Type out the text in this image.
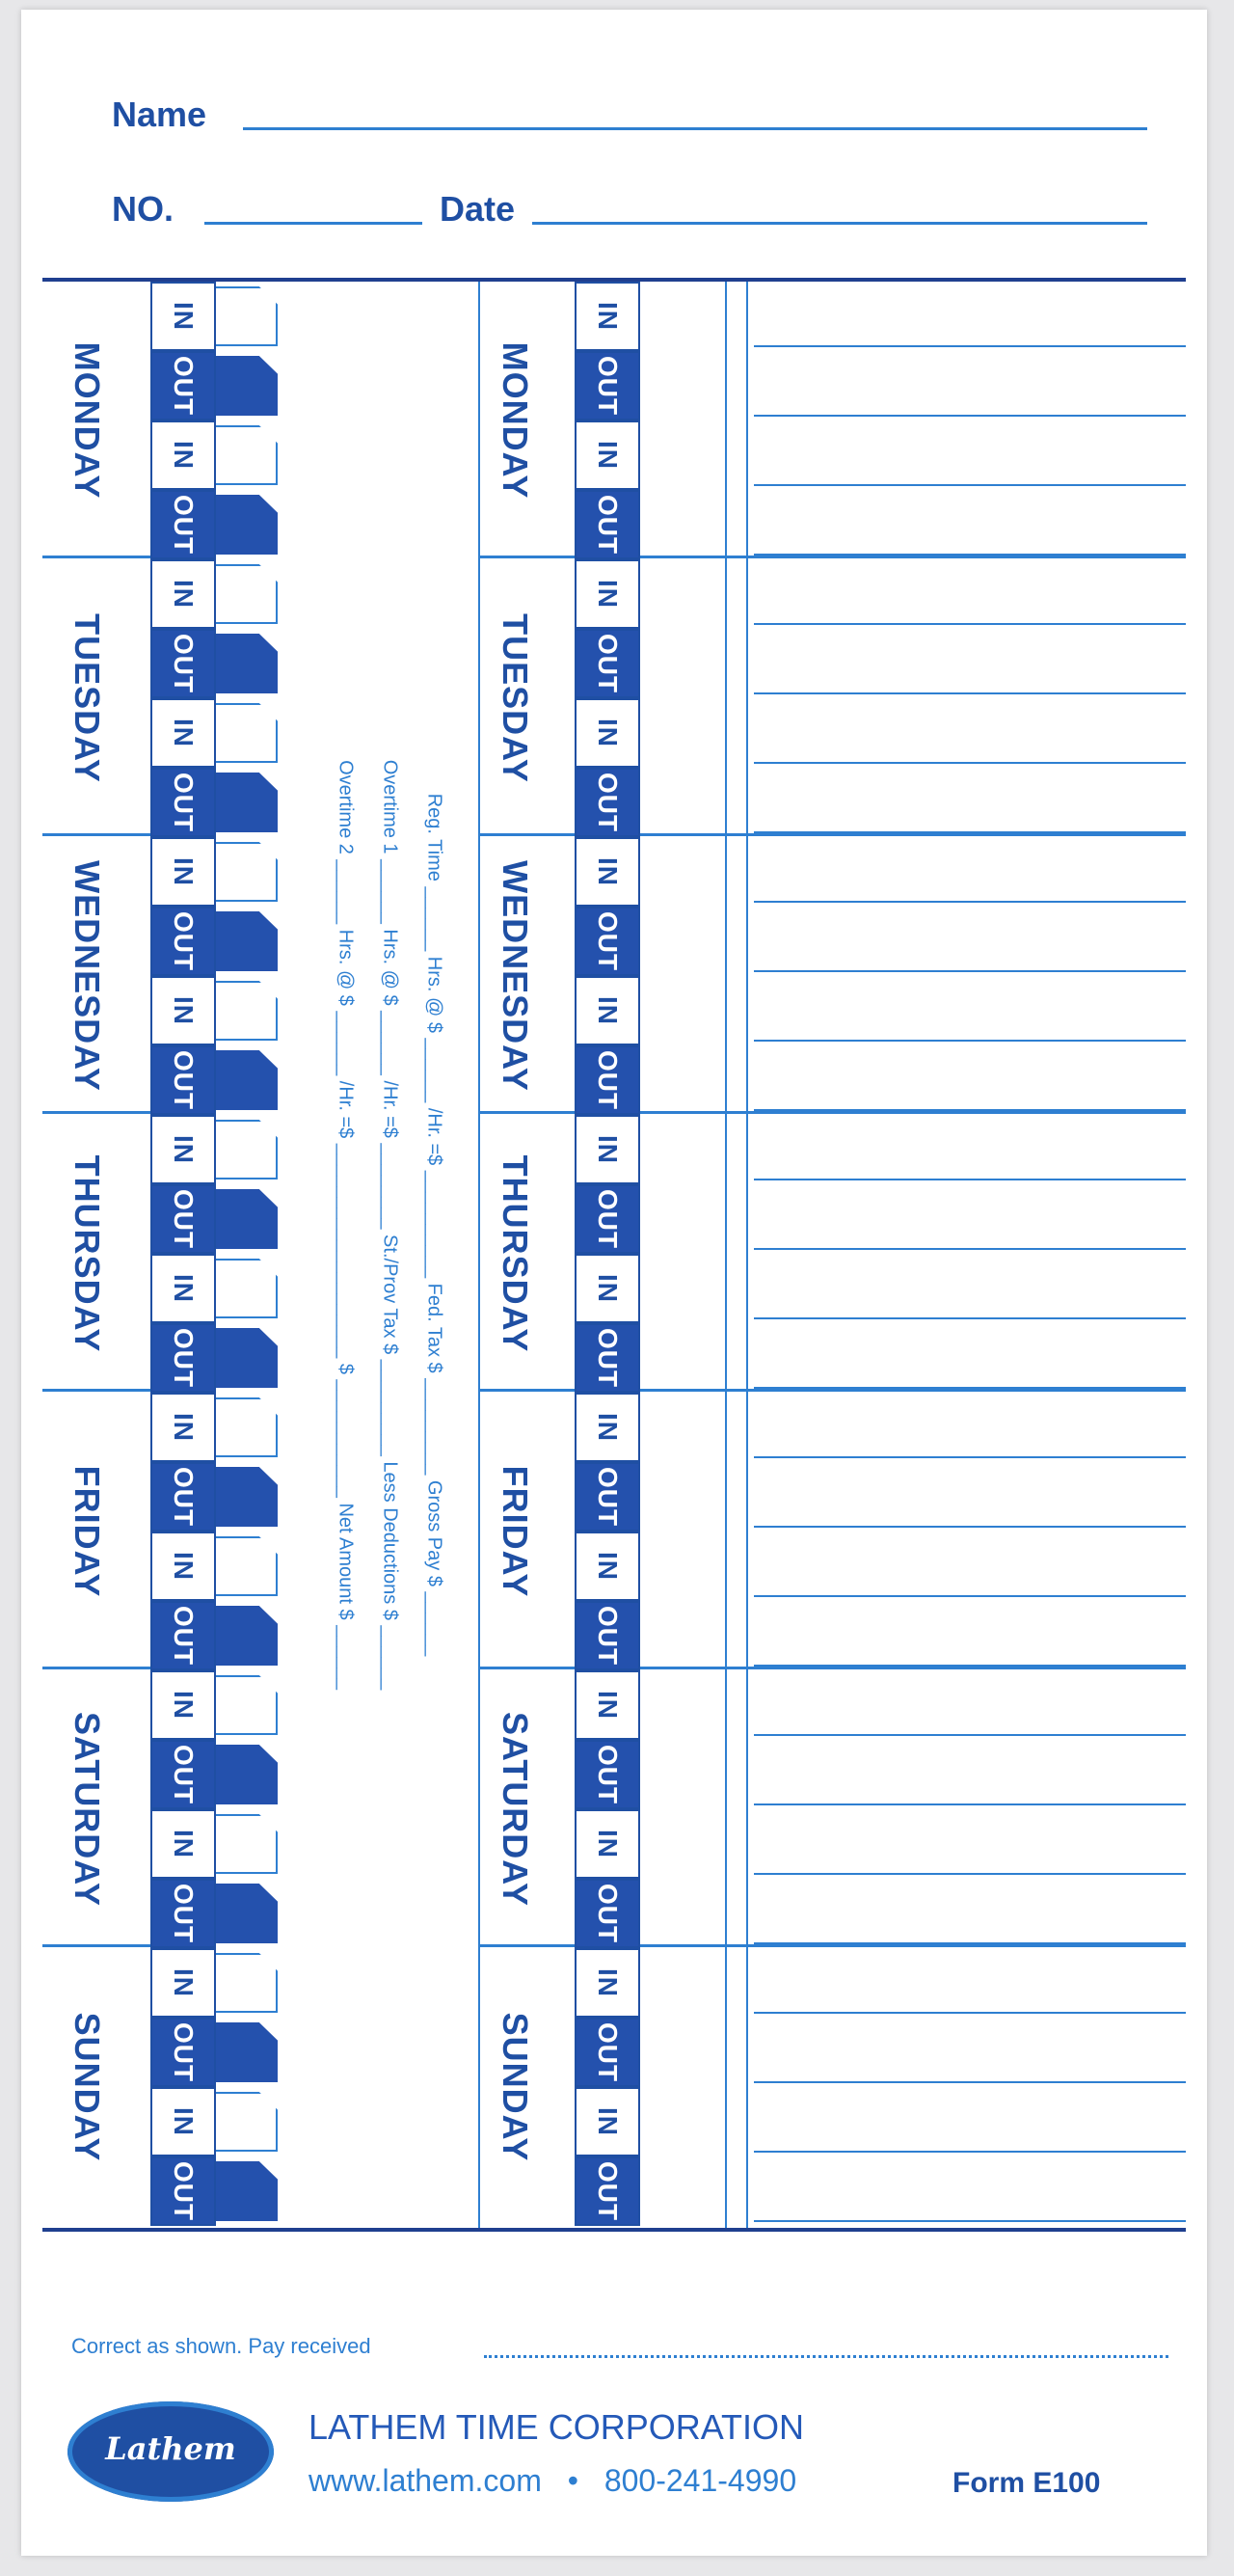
Name
NO.	Date
MONDAY
TUESDAY
WEDNESDAY
THURSDAY
FRIDAY
SATURDAY
SUNDAY
MONDAY
TUESDAY
WEDNESDAY
THURSDAY
FRIDAY
SATURDAY
SUNDAY
IN
OUT
IN
OUT
IN
OUT
IN
OUT
IN
OUT
IN
OUT
IN
OUT
IN
OUT
IN
OUT
IN
OUT
IN
OUT
IN
OUT
IN
OUT
IN
OUT
IN
OUT
IN
OUT
IN
OUT
IN
OUT
IN
OUT
IN
OUT
IN
OUT
IN
OUT
IN
OUT
IN
OUT
IN
OUT
IN
OUT
IN
OUT
IN
OUT
Reg. Time ______ Hrs. @ $ ______ /Hr. =$ __________ Fed. Tax $ _________ Gross Pay $ ______
Overtime 1 ______ Hrs. @ $ ______ /Hr. =$ ________ St./Prov Tax $ _________ Less Deductions $ ______
Overtime 2 ______ Hrs. @ $ ______ /Hr. =$ ____________________ $ ___________ Net Amount $ ______
Correct as shown. Pay received
Lathem
LATHEM TIME CORPORATION
www.lathem.com • 800-241-4990	Form E100
